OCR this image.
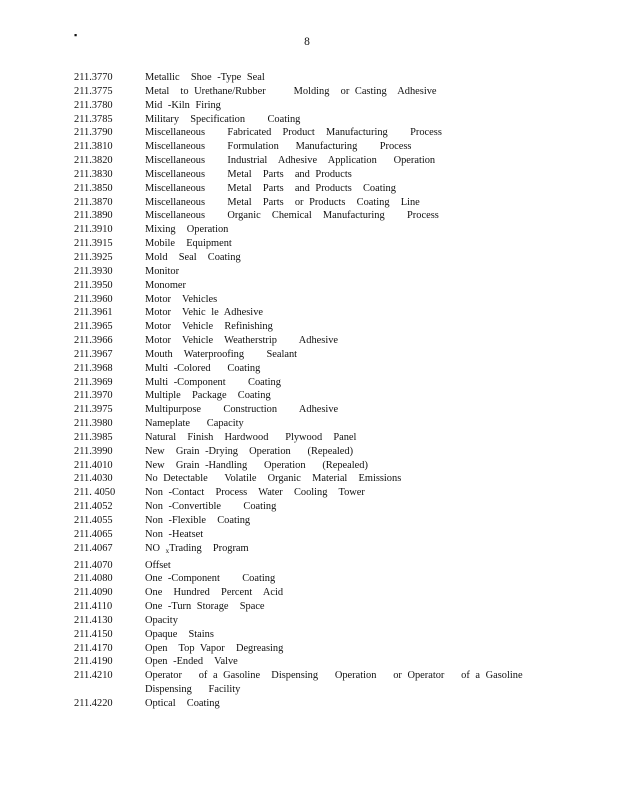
▪
8
211.3770	Metallic  Shoe -Type Seal
211.3775	Metal  to Urethane/Rubber     Molding  or Casting  Adhesive
211.3780	Mid -Kiln Firing
211.3785	Military  Specification    Coating
211.3790	Miscellaneous    Fabricated  Product  Manufacturing    Process
211.3810	Miscellaneous    Formulation   Manufacturing    Process
211.3820	Miscellaneous    Industrial  Adhesive  Application   Operation
211.3830	Miscellaneous    Metal  Parts  and Products
211.3850	Miscellaneous    Metal  Parts  and Products  Coating
211.3870	Miscellaneous    Metal  Parts  or Products  Coating  Line
211.3890	Miscellaneous    Organic  Chemical  Manufacturing    Process
211.3910	Mixing  Operation
211.3915	Mobile  Equipment
211.3925	Mold  Seal  Coating
211.3930	Monitor
211.3950	Monomer
211.3960	Motor  Vehicles
211.3961	Motor  Vehic le Adhesive
211.3965	Motor  Vehicle  Refinishing
211.3966	Motor  Vehicle  Weatherstrip    Adhesive
211.3967	Mouth  Waterproofing    Sealant
211.3968	Multi -Colored   Coating
211.3969	Multi -Component    Coating
211.3970	Multiple  Package  Coating
211.3975	Multipurpose    Construction    Adhesive
211.3980	Nameplate   Capacity
211.3985	Natural  Finish  Hardwood   Plywood  Panel
211.3990	New  Grain -Drying  Operation   (Repealed)
211.4010	New  Grain -Handling   Operation   (Repealed)
211.4030	No Detectable   Volatile  Organic  Material  Emissions
211. 4050	Non -Contact  Process  Water  Cooling  Tower
211.4052	Non -Convertible    Coating
211.4055	Non -Flexible  Coating
211.4065	Non -Heatset
211.4067	NO $_x$Trading  Program
211.4070	Offset
211.4080	One -Component    Coating
211.4090	One  Hundred  Percent  Acid
211.4110	One -Turn Storage  Space
211.4130	Opacity
211.4150	Opaque  Stains
211.4170	Open  Top Vapor  Degreasing
211.4190	Open -Ended  Valve
211.4210	Operator   of a Gasoline  Dispensing   Operation   or Operator   of a Gasoline
Dispensing   Facility
211.4220	Optical  Coating
